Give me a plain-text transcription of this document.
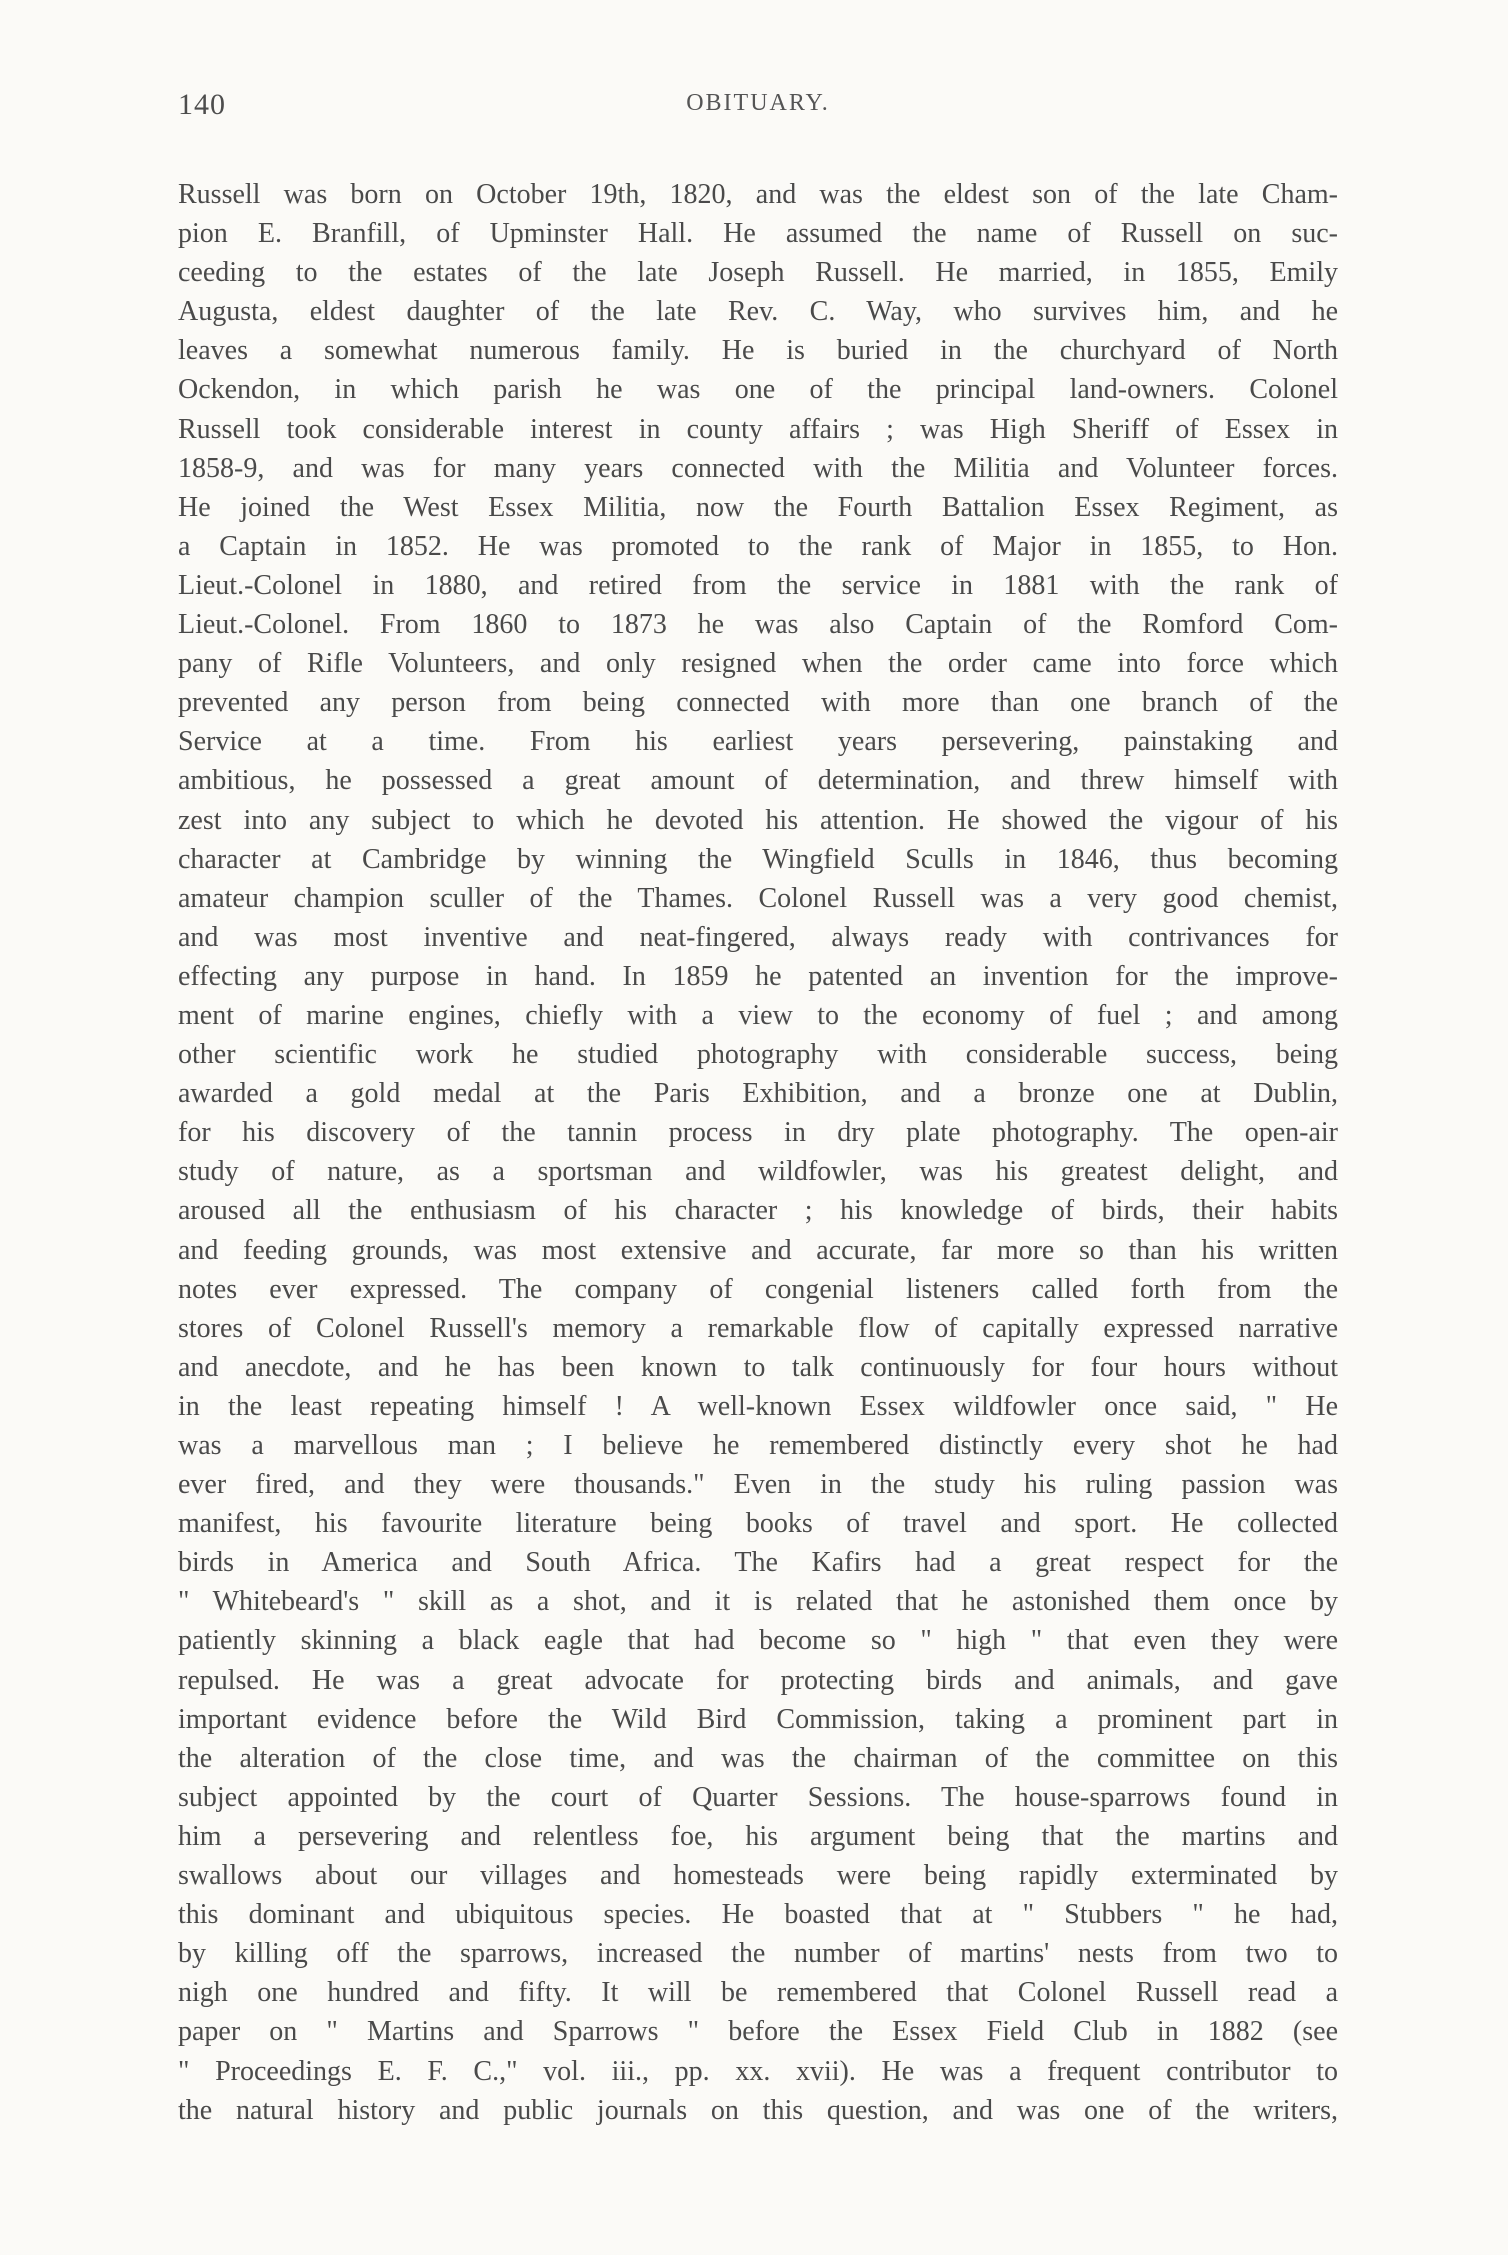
140	OBITUARY.
Russell was born on October 19th, 1820, and was the eldest son of the late Cham-
pion E. Branfill, of Upminster Hall. He assumed the name of Russell on suc-
ceeding to the estates of the late Joseph Russell. He married, in 1855, Emily
Augusta, eldest daughter of the late Rev. C. Way, who survives him, and he
leaves a somewhat numerous family. He is buried in the churchyard of North
Ockendon, in which parish he was one of the principal land-owners. Colonel
Russell took considerable interest in county affairs ; was High Sheriff of Essex in
1858-9, and was for many years connected with the Militia and Volunteer forces.
He joined the West Essex Militia, now the Fourth Battalion Essex Regiment, as
a Captain in 1852. He was promoted to the rank of Major in 1855, to Hon.
Lieut.-Colonel in 1880, and retired from the service in 1881 with the rank of
Lieut.-Colonel. From 1860 to 1873 he was also Captain of the Romford Com-
pany of Rifle Volunteers, and only resigned when the order came into force which
prevented any person from being connected with more than one branch of the
Service at a time. From his earliest years persevering, painstaking and
ambitious, he possessed a great amount of determination, and threw himself with
zest into any subject to which he devoted his attention. He showed the vigour of his
character at Cambridge by winning the Wingfield Sculls in 1846, thus becoming
amateur champion sculler of the Thames. Colonel Russell was a very good chemist,
and was most inventive and neat-fingered, always ready with contrivances for
effecting any purpose in hand. In 1859 he patented an invention for the improve-
ment of marine engines, chiefly with a view to the economy of fuel ; and among
other scientific work he studied photography with considerable success, being
awarded a gold medal at the Paris Exhibition, and a bronze one at Dublin,
for his discovery of the tannin process in dry plate photography. The open-air
study of nature, as a sportsman and wildfowler, was his greatest delight, and
aroused all the enthusiasm of his character ; his knowledge of birds, their habits
and feeding grounds, was most extensive and accurate, far more so than his written
notes ever expressed. The company of congenial listeners called forth from the
stores of Colonel Russell's memory a remarkable flow of capitally expressed narrative
and anecdote, and he has been known to talk continuously for four hours without
in the least repeating himself ! A well-known Essex wildfowler once said, " He
was a marvellous man ; I believe he remembered distinctly every shot he had
ever fired, and they were thousands." Even in the study his ruling passion was
manifest, his favourite literature being books of travel and sport. He collected
birds in America and South Africa. The Kafirs had a great respect for the
" Whitebeard's " skill as a shot, and it is related that he astonished them once by
patiently skinning a black eagle that had become so " high " that even they were
repulsed. He was a great advocate for protecting birds and animals, and gave
important evidence before the Wild Bird Commission, taking a prominent part in
the alteration of the close time, and was the chairman of the committee on this
subject appointed by the court of Quarter Sessions. The house-sparrows found in
him a persevering and relentless foe, his argument being that the martins and
swallows about our villages and homesteads were being rapidly exterminated by
this dominant and ubiquitous species. He boasted that at " Stubbers " he had,
by killing off the sparrows, increased the number of martins' nests from two to
nigh one hundred and fifty. It will be remembered that Colonel Russell read a
paper on " Martins and Sparrows " before the Essex Field Club in 1882 (see
" Proceedings E. F. C.," vol. iii., pp. xx. xvii). He was a frequent contributor to
the natural history and public journals on this question, and was one of the writers,
